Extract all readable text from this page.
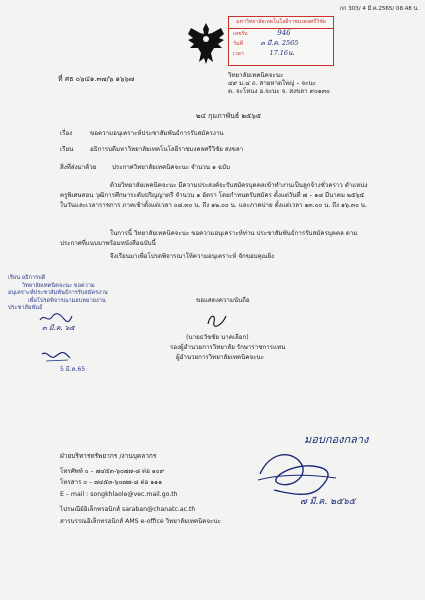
กก 303/ 4 มี.ค.2565/ 08.48 น.
มหาวิทยาลัยเทคโนโลยีราชมงคลศรีวิชัย
เลขรับ	946
วันที่	๓ มี.ค. 2565
เวลา	17.16น.
ที่ ศธ ๐๖๔๑.๓๗/๖ ๑๖๖๗	วิทยาลัยเทคนิคจะนะ
๔๙ ม.๔ ถ. สายหาดใหญ่ – จะนะ
ต. จะโหนง อ.จะนะ จ. สงขลา ๙๐๑๓๐
๒๔ กุมภาพันธ์ ๒๕๖๕
เรื่อง	ขอความอนุเคราะห์ประชาสัมพันธ์การรับสมัครงาน
เรียน	อธิการบดีมหาวิทยาลัยเทคโนโลยีราชมงคลศรีวิชัย สงขลา
สิ่งที่ส่งมาด้วย	ประกาศวิทยาลัยเทคนิคจะนะ จำนวน ๑ ฉบับ
ด้วยวิทยาลัยเทคนิคจะนะ มีความประสงค์จะรับสมัครบุคคลเข้าทำงานเป็นลูกจ้างชั่วคราว ตำแหน่ง ครูพิเศษสอน วุฒิการศึกษาระดับปริญญาตรี จำนวน ๑ อัตรา โดยกำหนดรับสมัคร ตั้งแต่วันที่ ๗ – ๑๘ มีนาคม ๒๕๖๕ ในวันและเวลาราชการ ภาคเช้าตั้งแต่เวลา ๐๘.๓๐ น. ถึง ๑๒.๐๐ น. และภาคบ่าย ตั้งแต่เวลา ๑๓.๐๐ น. ถึง ๑๖.๓๐ น.
ในการนี้ วิทยาลัยเทคนิคจะนะ ขอความอนุเคราะห์ท่าน ประชาสัมพันธ์การรับสมัครบุคคล ตามประกาศที่แนบมาพร้อมหนังสือฉบับนี้
จึงเรียนมาเพื่อโปรดพิจารณาให้ความอนุเคราะห์ จักขอบคุณยิ่ง
เรียน อธิการบดี
วิทยาลัยเทคนิคจะนะ ขอความ
อนุเคราะห์ประชาสัมพันธ์การรับสมัครงาน
เพื่อโปรดพิจารณามอบหมายงาน
ประชาสัมพันธ์
๓ มี.ค. ๖๕
5 มี.ค.65
ขอแสดงความนับถือ
(นายธวัชชัย นาคเลือก)
รองผู้อำนวยการวิทยาลัย รักษาราชการแทน
ผู้อำนวยการวิทยาลัยเทคนิคจะนะ
มอบกองกลาง
๗ มี.ค. ๒๕๖๕
ฝ่ายบริหารทรัพยากร /งานบุคลากร
โทรศัพท์ ๐ – ๗๔๕๓-๖๐๗๗-๘ ต่อ ๑๐๙
โทรสาร ๐ – ๗๔๕๓-๖๐๗๗-๘ ต่อ ๑๑๑
E – mail : songkhlaole@vec.mail.go.th
ไปรษณีย์อิเล็กทรอนิกส์ saraban@chanatc.ac.th
สารบรรณอิเล็กทรอนิกส์ AMS e-office วิทยาลัยเทคนิคจะนะ
